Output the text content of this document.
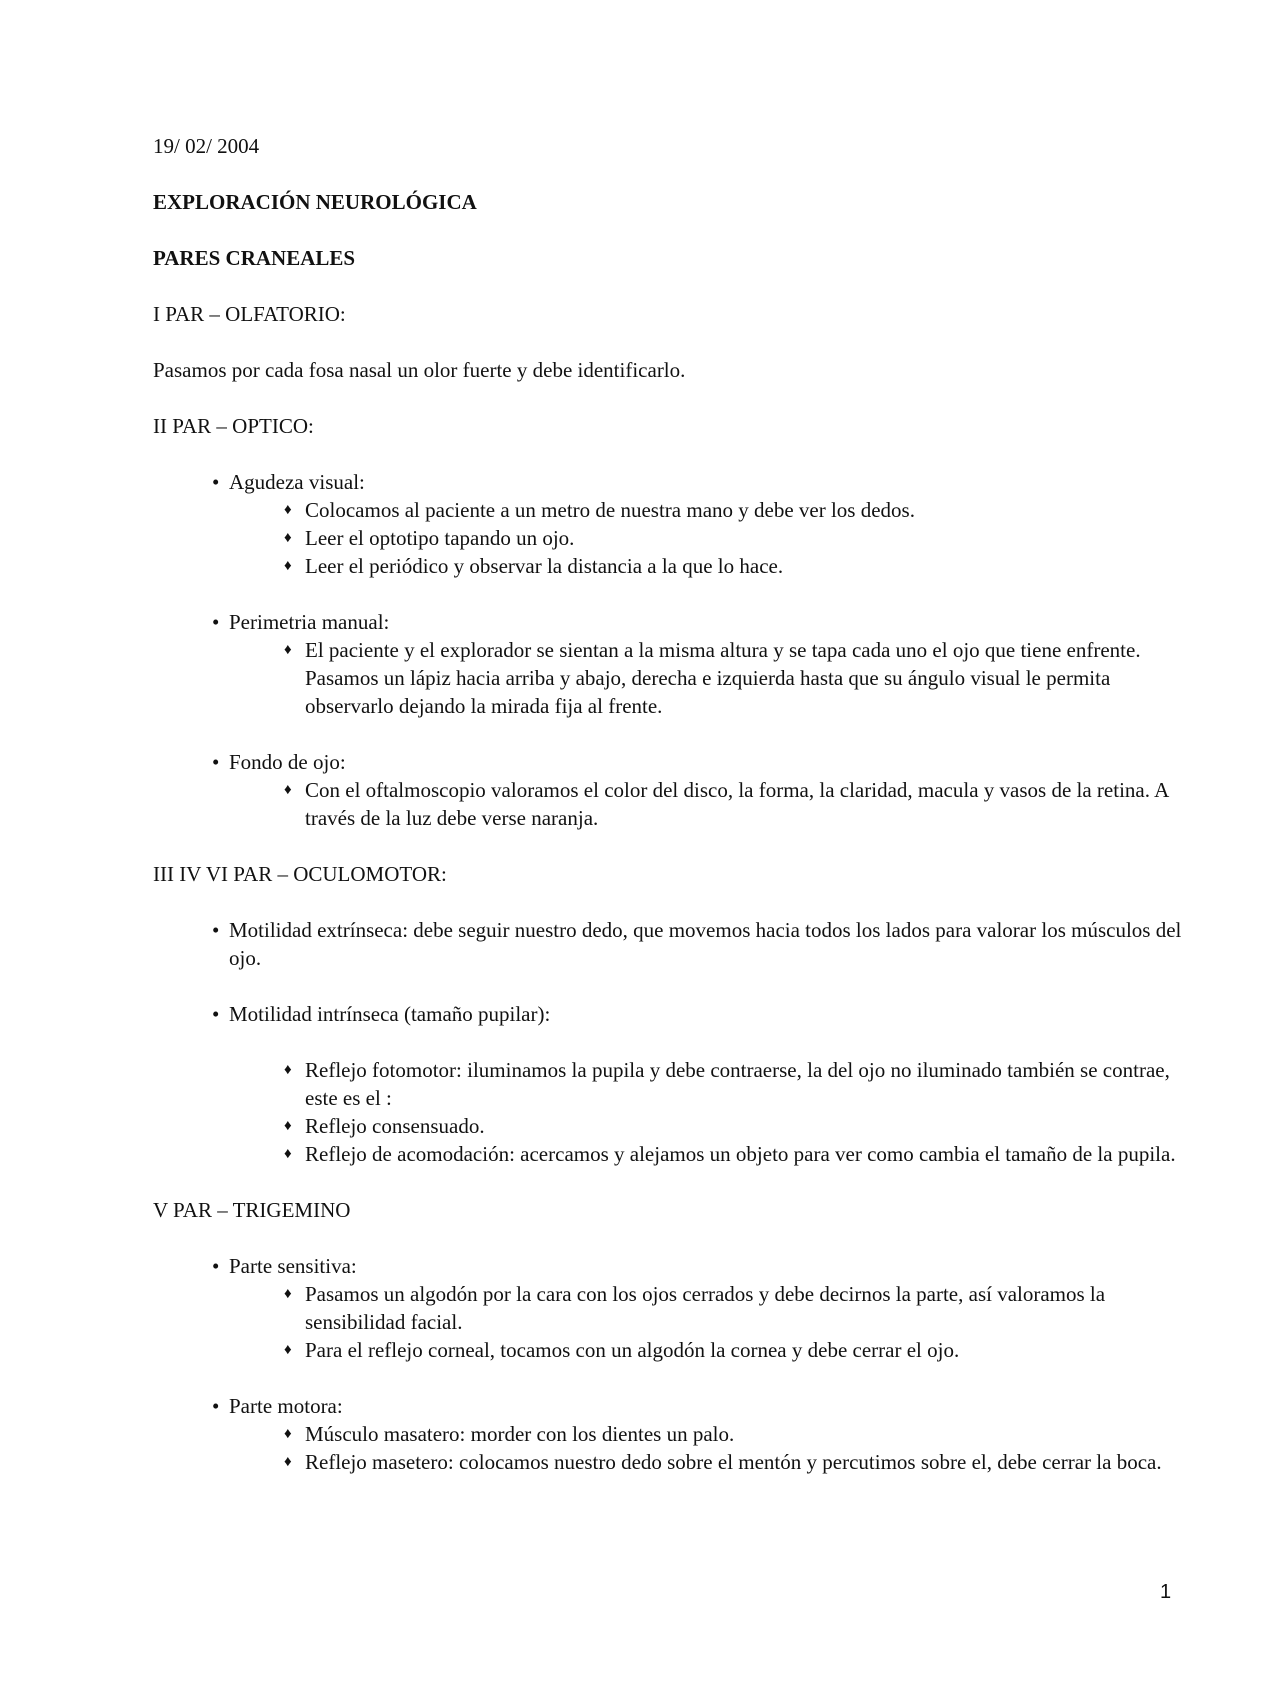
19/ 02/ 2004

EXPLORACIÓN NEUROLÓGICA

PARES CRANEALES

I PAR – OLFATORIO:

Pasamos por cada fosa nasal un olor fuerte y debe identificarlo.

II PAR – OPTICO:

• Agudeza visual:
♦ Colocamos al paciente a un metro de nuestra mano y debe ver los dedos.
♦ Leer el optotipo tapando un ojo.
♦ Leer el periódico y observar la distancia a la que lo hace.
• Perimetria manual:
♦ El paciente y el explorador se sientan a la misma altura y se tapa cada uno el ojo que tiene enfrente. Pasamos un lápiz hacia arriba y abajo, derecha e izquierda hasta que su ángulo visual le permita observarlo dejando la mirada fija al frente.
• Fondo de ojo:
♦ Con el oftalmoscopio valoramos el color del disco, la forma, la claridad, macula y vasos de la retina. A través de la luz debe verse naranja.

III IV VI PAR – OCULOMOTOR:

• Motilidad extrínseca: debe seguir nuestro dedo, que movemos hacia todos los lados para valorar los músculos del ojo.
• Motilidad intrínseca (tamaño pupilar):
♦ Reflejo fotomotor: iluminamos la pupila y debe contraerse, la del ojo no iluminado también se contrae, este es el :
♦ Reflejo consensuado.
♦ Reflejo de acomodación: acercamos y alejamos un objeto para ver como cambia el tamaño de la pupila.

V PAR – TRIGEMINO

• Parte sensitiva:
♦ Pasamos un algodón por la cara con los ojos cerrados y debe decirnos la parte, así valoramos la sensibilidad facial.
♦ Para el reflejo corneal, tocamos con un algodón la cornea y debe cerrar el ojo.
• Parte motora:
♦ Músculo masatero: morder con los dientes un palo.
♦ Reflejo masetero: colocamos nuestro dedo sobre el mentón y percutimos sobre el, debe cerrar la boca.
1
